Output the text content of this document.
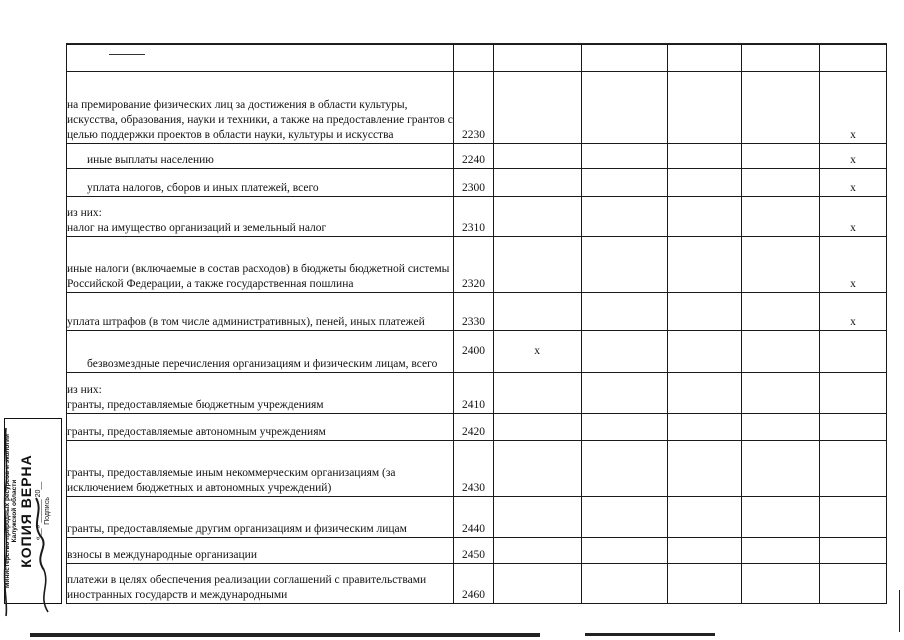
на премирование физических лиц за достижения в области культуры, искусства, образования, науки и техники, а также на предоставление грантов с целью поддержки проектов в области науки, культуры и искусства	2230					x
иные выплаты населению	2240					x
уплата налогов, сборов и иных платежей, всего	2300					x

из них:
налог на имущество организаций и земельный налог	2310					x
иные налоги (включаемые в состав расходов) в бюджеты бюджетной системы Российской Федерации, а также государственная пошлина	2320					x
уплата штрафов (в том числе административных), пеней, иных платежей	2330					x
безвозмездные перечисления организациям и физическим лицам, всего	2400	x				

из них:
гранты, предоставляемые бюджетным учреждениям	2410					
гранты, предоставляемые автономным учреждениям	2420					
гранты, предоставляемые иным некоммерческим организациям (за исключением бюджетных и автономных учреждений)	2430					
гранты, предоставляемые другим организациям и физическим лицам	2440					
взносы в международные организации	2450					
платежи в целях обеспечения реализации соглашений с правительствами иностранных государств и международными	2460					
Министерство природных ресурсов и экологии Калужской области КОПИЯ ВЕРНА «__» ______ 20__ Подпись
